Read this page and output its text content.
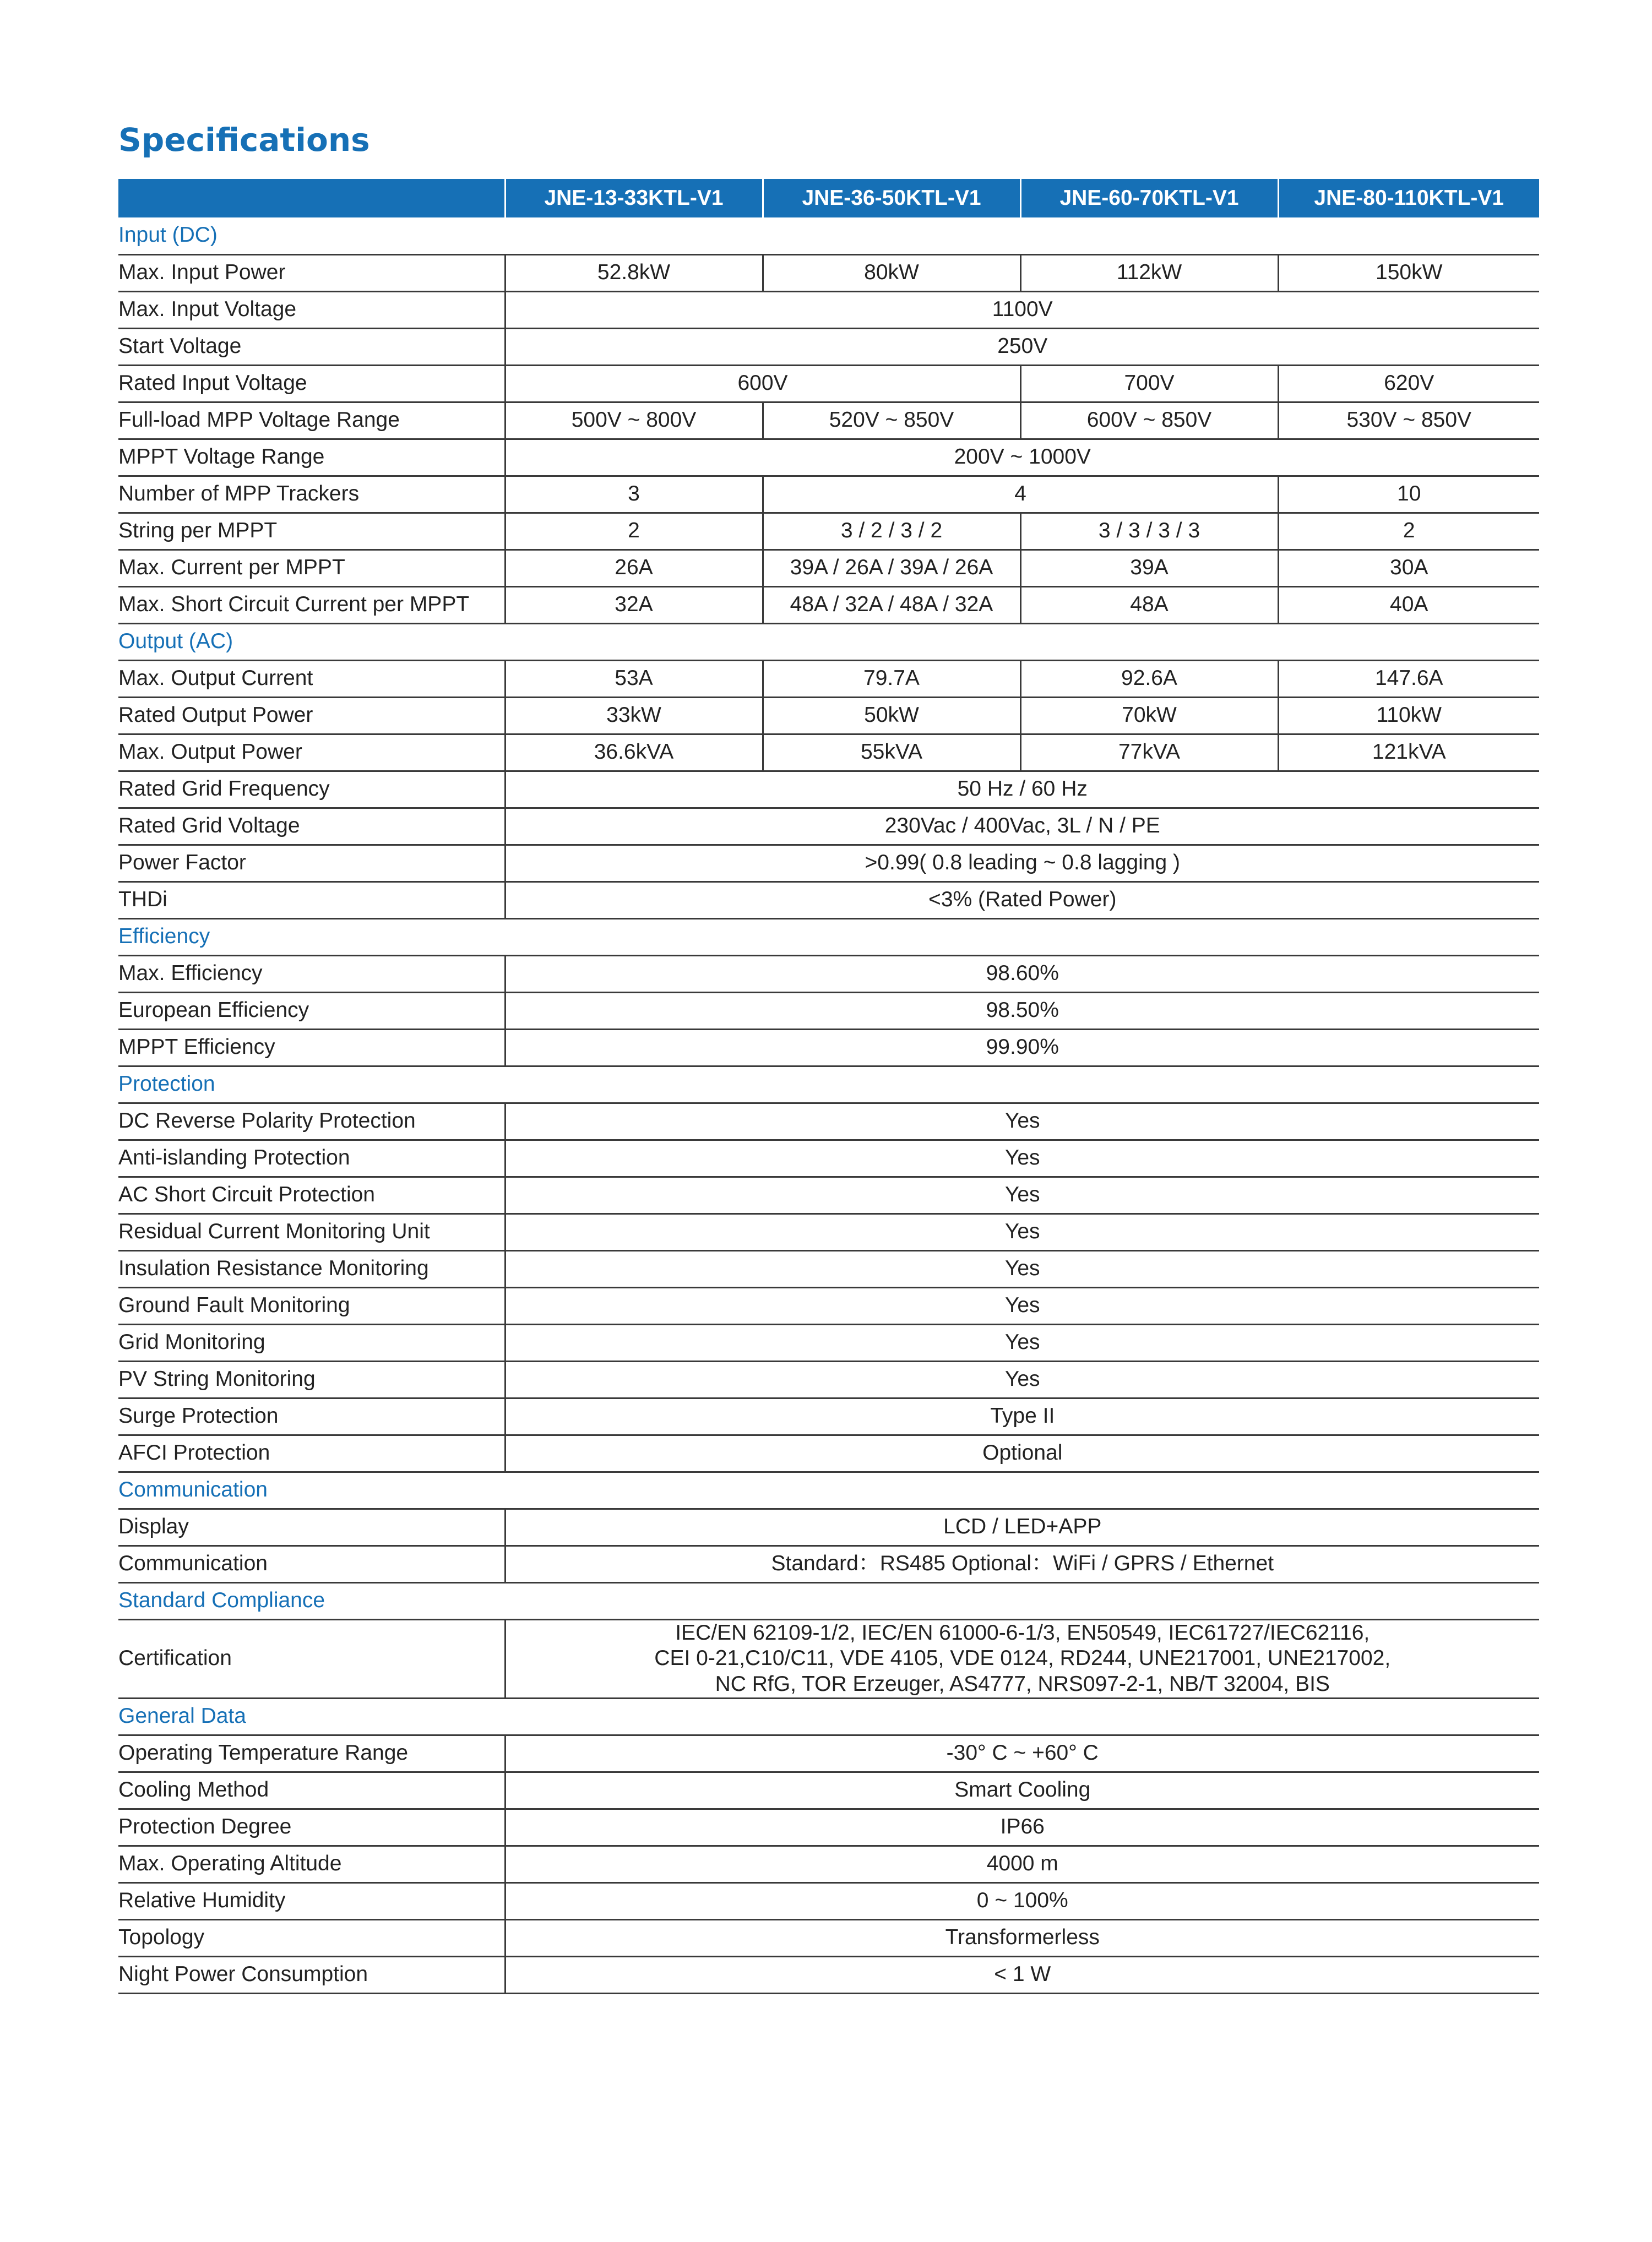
Specifications
	JNE-13-33KTL-V1	JNE-36-50KTL-V1	JNE-60-70KTL-V1	JNE-80-110KTL-V1
Input (DC)				
Max. Input Power	52.8kW	80kW	112kW	150kW
Max. Input Voltage	1100V			
Start Voltage	250V			
Rated Input Voltage	600V		700V	620V
Full-load MPP Voltage Range	500V ~ 800V	520V ~ 850V	600V ~ 850V	530V ~ 850V
MPPT Voltage Range	200V ~ 1000V			
Number of MPP Trackers	3	4		10
String per MPPT	2	3 / 2 / 3 / 2	3 / 3 / 3 / 3	2
Max. Current per MPPT	26A	39A / 26A / 39A / 26A	39A	30A
Max. Short Circuit Current per MPPT	32A	48A / 32A / 48A / 32A	48A	40A
Output (AC)				
Max. Output Current	53A	79.7A	92.6A	147.6A
Rated Output Power	33kW	50kW	70kW	110kW
Max. Output Power	36.6kVA	55kVA	77kVA	121kVA
Rated Grid Frequency	50 Hz / 60 Hz			
Rated Grid Voltage	230Vac / 400Vac, 3L / N / PE			
Power Factor	>0.99( 0.8 leading ~ 0.8 lagging )			
THDi	<3% (Rated Power)			
Efficiency				
Max. Efficiency	98.60%			
European Efficiency	98.50%			
MPPT Efficiency	99.90%			
Protection				
DC Reverse Polarity Protection	Yes			
Anti-islanding Protection	Yes			
AC Short Circuit Protection	Yes			
Residual Current Monitoring Unit	Yes			
Insulation Resistance Monitoring	Yes			
Ground Fault Monitoring	Yes			
Grid Monitoring	Yes			
PV String Monitoring	Yes			
Surge Protection	Type II			
AFCI Protection	Optional			
Communication				
Display	LCD / LED+APP			
Communication	Standard：RS485 Optional：WiFi / GPRS / Ethernet			
Standard Compliance				
Certification	IEC/EN 62109-1/2, IEC/EN 61000-6-1/3, EN50549, IEC61727/IEC62116,
CEI 0-21,C10/C11, VDE 4105, VDE 0124, RD244, UNE217001, UNE217002,
NC RfG, TOR Erzeuger, AS4777, NRS097-2-1, NB/T 32004, BIS			

General Data				
Operating Temperature Range	-30° C ~ +60° C			
Cooling Method	Smart Cooling			
Protection Degree	IP66			
Max. Operating Altitude	4000 m			
Relative Humidity	0 ~ 100%			
Topology	Transformerless			
Night Power Consumption	< 1 W			
